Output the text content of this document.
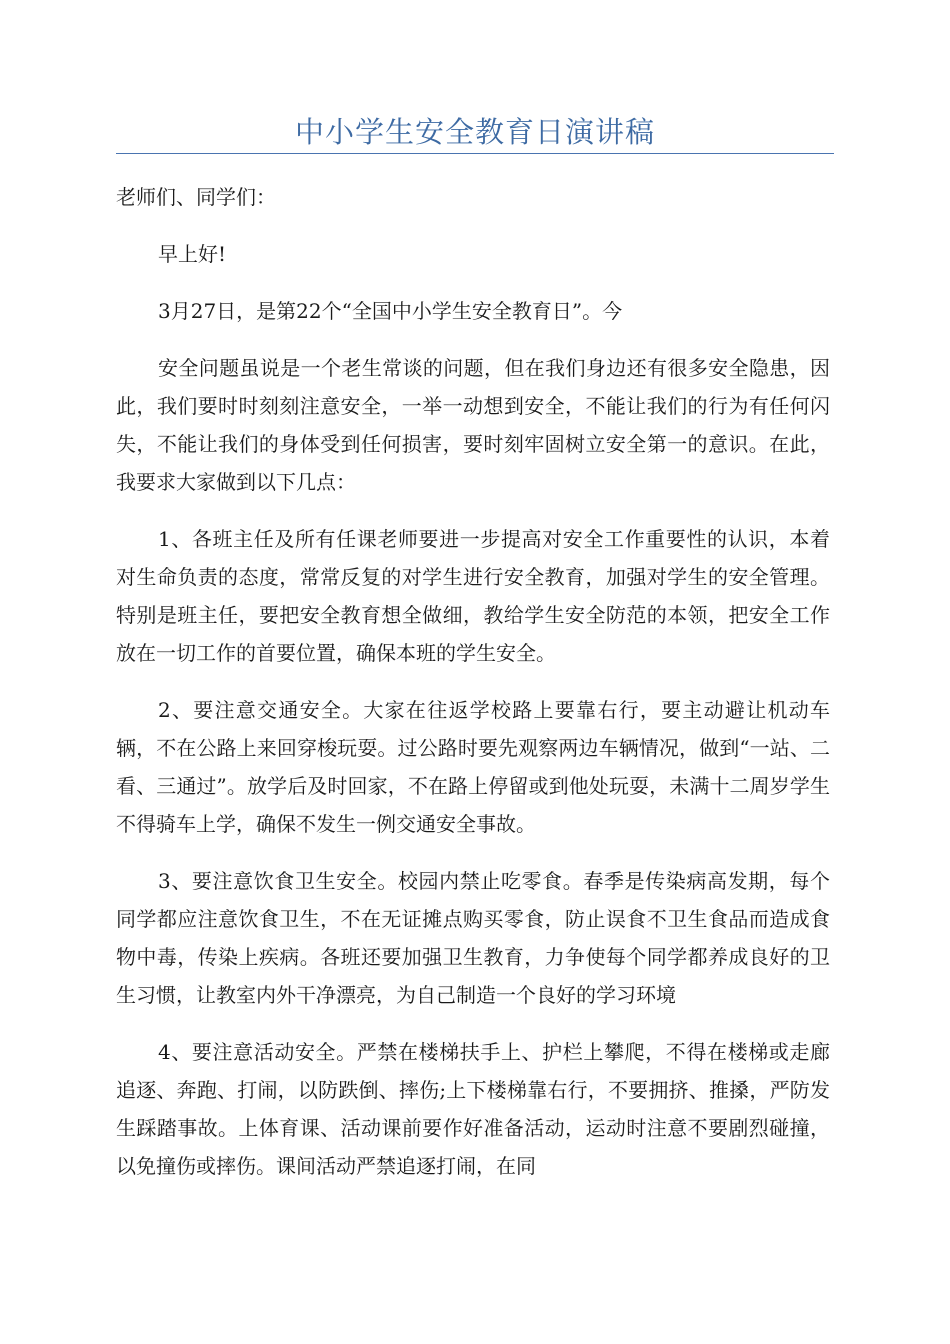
中小学生安全教育日演讲稿

老师们、同学们：

早上好!

3月27日，是第22个“全国中小学生安全教育日”。今

安全问题虽说是一个老生常谈的问题，但在我们身边还有很多安全隐患，因此，我们要时时刻刻注意安全，一举一动想到安全，不能让我们的行为有任何闪失，不能让我们的身体受到任何损害，要时刻牢固树立安全第一的意识。在此，我要求大家做到以下几点：

1、各班主任及所有任课老师要进一步提高对安全工作重要性的认识，本着对生命负责的态度，常常反复的对学生进行安全教育，加强对学生的安全管理。特别是班主任，要把安全教育想全做细，教给学生安全防范的本领，把安全工作放在一切工作的首要位置，确保本班的学生安全。

2、要注意交通安全。大家在往返学校路上要靠右行，要主动避让机动车辆，不在公路上来回穿梭玩耍。过公路时要先观察两边车辆情况，做到“一站、二看、三通过”。放学后及时回家，不在路上停留或到他处玩耍，未满十二周岁学生不得骑车上学，确保不发生一例交通安全事故。

3、要注意饮食卫生安全。校园内禁止吃零食。春季是传染病高发期，每个同学都应注意饮食卫生，不在无证摊点购买零食，防止误食不卫生食品而造成食物中毒，传染上疾病。各班还要加强卫生教育，力争使每个同学都养成良好的卫生习惯，让教室内外干净漂亮，为自己制造一个良好的学习环境

4、要注意活动安全。严禁在楼梯扶手上、护栏上攀爬，不得在楼梯或走廊追逐、奔跑、打闹，以防跌倒、摔伤;上下楼梯靠右行，不要拥挤、推搡，严防发生踩踏事故。上体育课、活动课前要作好准备活动，运动时注意不要剧烈碰撞，以免撞伤或摔伤。课间活动严禁追逐打闹，在同
